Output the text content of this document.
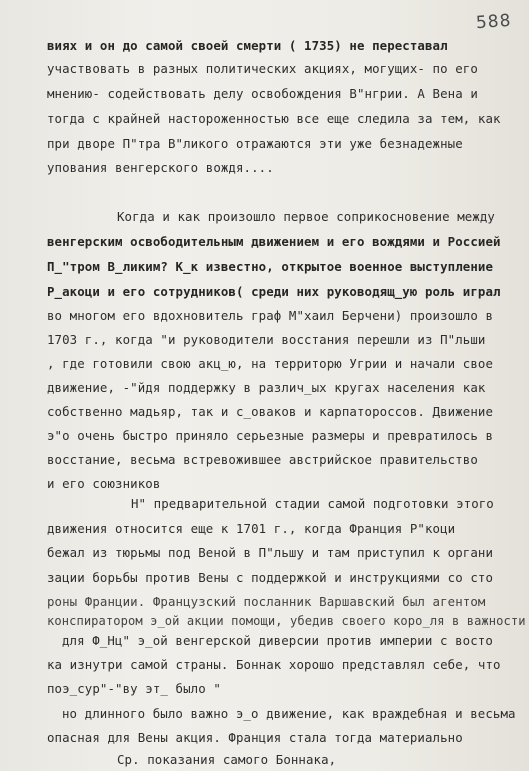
588
виях и он до самой своей смерти ( 1735) не переставал
участвовать в разных политических акциях, могущих- по его
мнению- содействовать делу освобождения В"нгрии. А Вена и
тогда с крайней настороженностью все еще следила за тем, как
при дворе П"тра В"ликого отражаются эти уже безнадежные
упования венгерского вождя....
Когда и как произошло первое соприкосновение между
венгерским освободительным движением и его вождями и Россией
П_"тром В_ликим? К_к известно, открытое военное выступление
Р_акоци и его сотрудников( среди них руководящ_ую роль играл
во многом его вдохновитель граф М"хаил Берчени) произошло в
1703 г., когда "и руководители восстания перешли из П"льши
, где готовили свою акц_ю, на территорю Угрии и начали свое
движение, -"йдя поддержку в различ_ых кругах населения как
собственно мадьяр, так и с_оваков и карпатороссов. Движение
э"о очень быстро приняло серьезные размеры и превратилось в
восстание, весьма встревожившее австрийское правительство
и его союзников
Н" предварительной стадии самой подготовки этого
движения относится еще к 1701 г., когда Франция Р"коци
бежал из тюрьмы под Веной в П"льшу и там приступил к органи
зации борьбы против Вены с поддержкой и инструкциями со сто
роны Франции. Французский посланник Варшавский был агентом
конспиратором э_ой акции помощи, убедив своего коро_ля в важности
для Ф_Нц" э_ой венгерской диверсии против империи с восто
ка изнутри самой страны. Боннак хорошо представлял себе, что
поэ_сур"-"ву эт_ было "
но длинного было важно э_о движение, как враждебная и весьма
опасная для Вены акция. Франция стала тогда материально
Ср. показания самого Боннака,
